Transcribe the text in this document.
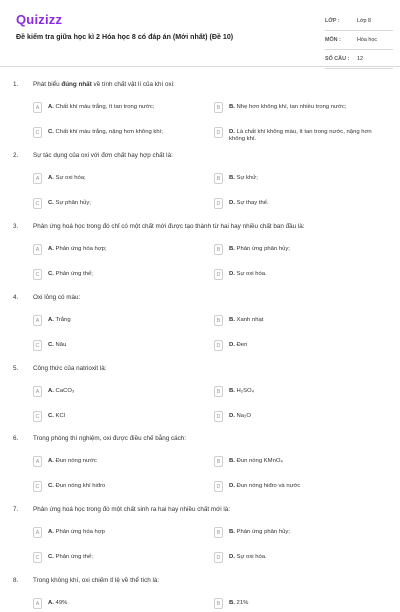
Quizizz
Đề kiểm tra giữa học kì 2 Hóa học 8 có đáp án (Mới nhất) (Đề 10)
LỚP :	Lớp 8
MÔN :	Hóa học
SỐ CÂU :	12
1. Phát biểu đúng nhất về tính chất vật lí của khí oxi:
A	A. Chất khí màu trắng, ít tan trong nước;	B	B. Nhẹ hơn không khí, tan nhiều trong nước;
C	C. Chất khí màu trắng, nặng hơn không khí;	D	D. Là chất khí không màu, ít tan trong nước, nặng hơn không khí.
2. Sự tác dụng của oxi với đơn chất hay hợp chất là:
A	A. Sự oxi hóa;	B	B. Sự khử;
C	C. Sự phân hủy;	D	D. Sự thay thế.
3. Phản ứng hoá học trong đó chỉ có một chất mới được tạo thành từ hai hay nhiều chất ban đầu là:
A	A. Phản ứng hóa hợp;	B	B. Phản ứng phân hủy;
C	C. Phản ứng thế;	D	D. Sự oxi hóa.
4. Oxi lỏng có màu:
A	A. Trắng	B	B. Xanh nhạt
C	C. Nâu	D	D. Đen
5. Công thức của natrioxit là:
A	A. CaCO₃	B	B. H₂SO₄
C	C. KCl	D	D. Na₂O
6. Trong phòng thí nghiệm, oxi được điều chế bằng cách:
A	A. Đun nóng nước	B	B. Đun nóng KMnO₄
C	C. Đun nóng khí hiđro	D	D. Đun nóng hiđro và nước
7. Phản ứng hoá học trong đó một chất sinh ra hai hay nhiều chất mới là:
A	A. Phản ứng hóa hợp	B	B. Phản ứng phân hủy;
C	C. Phản ứng thế;	D	D. Sự oxi hóa.
8. Trong không khí, oxi chiếm tỉ lệ về thể tích là:
A	A. 49%	B	B. 21%
